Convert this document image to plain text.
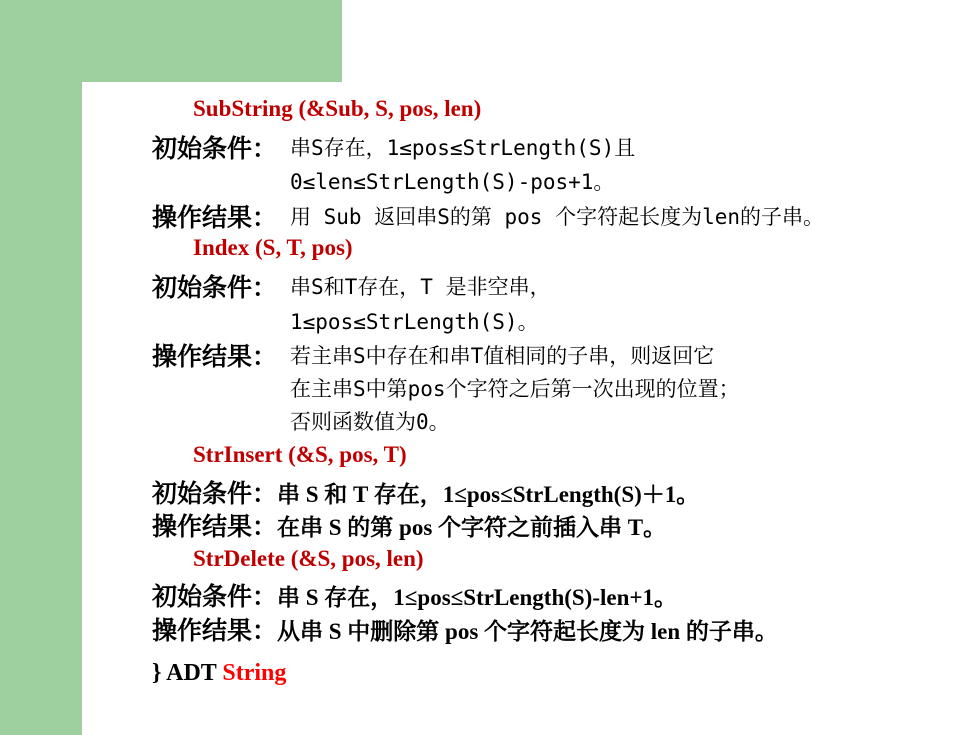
SubString (&Sub, S, pos, len)
初始条件： 串S存在，1≤pos≤StrLength(S)且
0≤len≤StrLength(S)-pos+1。
操作结果： 用 Sub 返回串S的第 pos 个字符起长度为len的子串。
Index (S, T, pos)
初始条件： 串S和T存在，T 是非空串，
1≤pos≤StrLength(S)。
操作结果： 若主串S中存在和串T值相同的子串，则返回它
在主串S中第pos个字符之后第一次出现的位置；
否则函数值为0。
StrInsert (&S, pos, T)
初始条件： 串 S 和 T 存在，1≤pos≤StrLength(S)＋1。
操作结果： 在串 S 的第 pos 个字符之前插入串 T。
StrDelete (&S, pos, len)
初始条件： 串 S 存在，1≤pos≤StrLength(S)-len+1。
操作结果： 从串 S 中删除第 pos 个字符起长度为 len 的子串。
} ADT String
